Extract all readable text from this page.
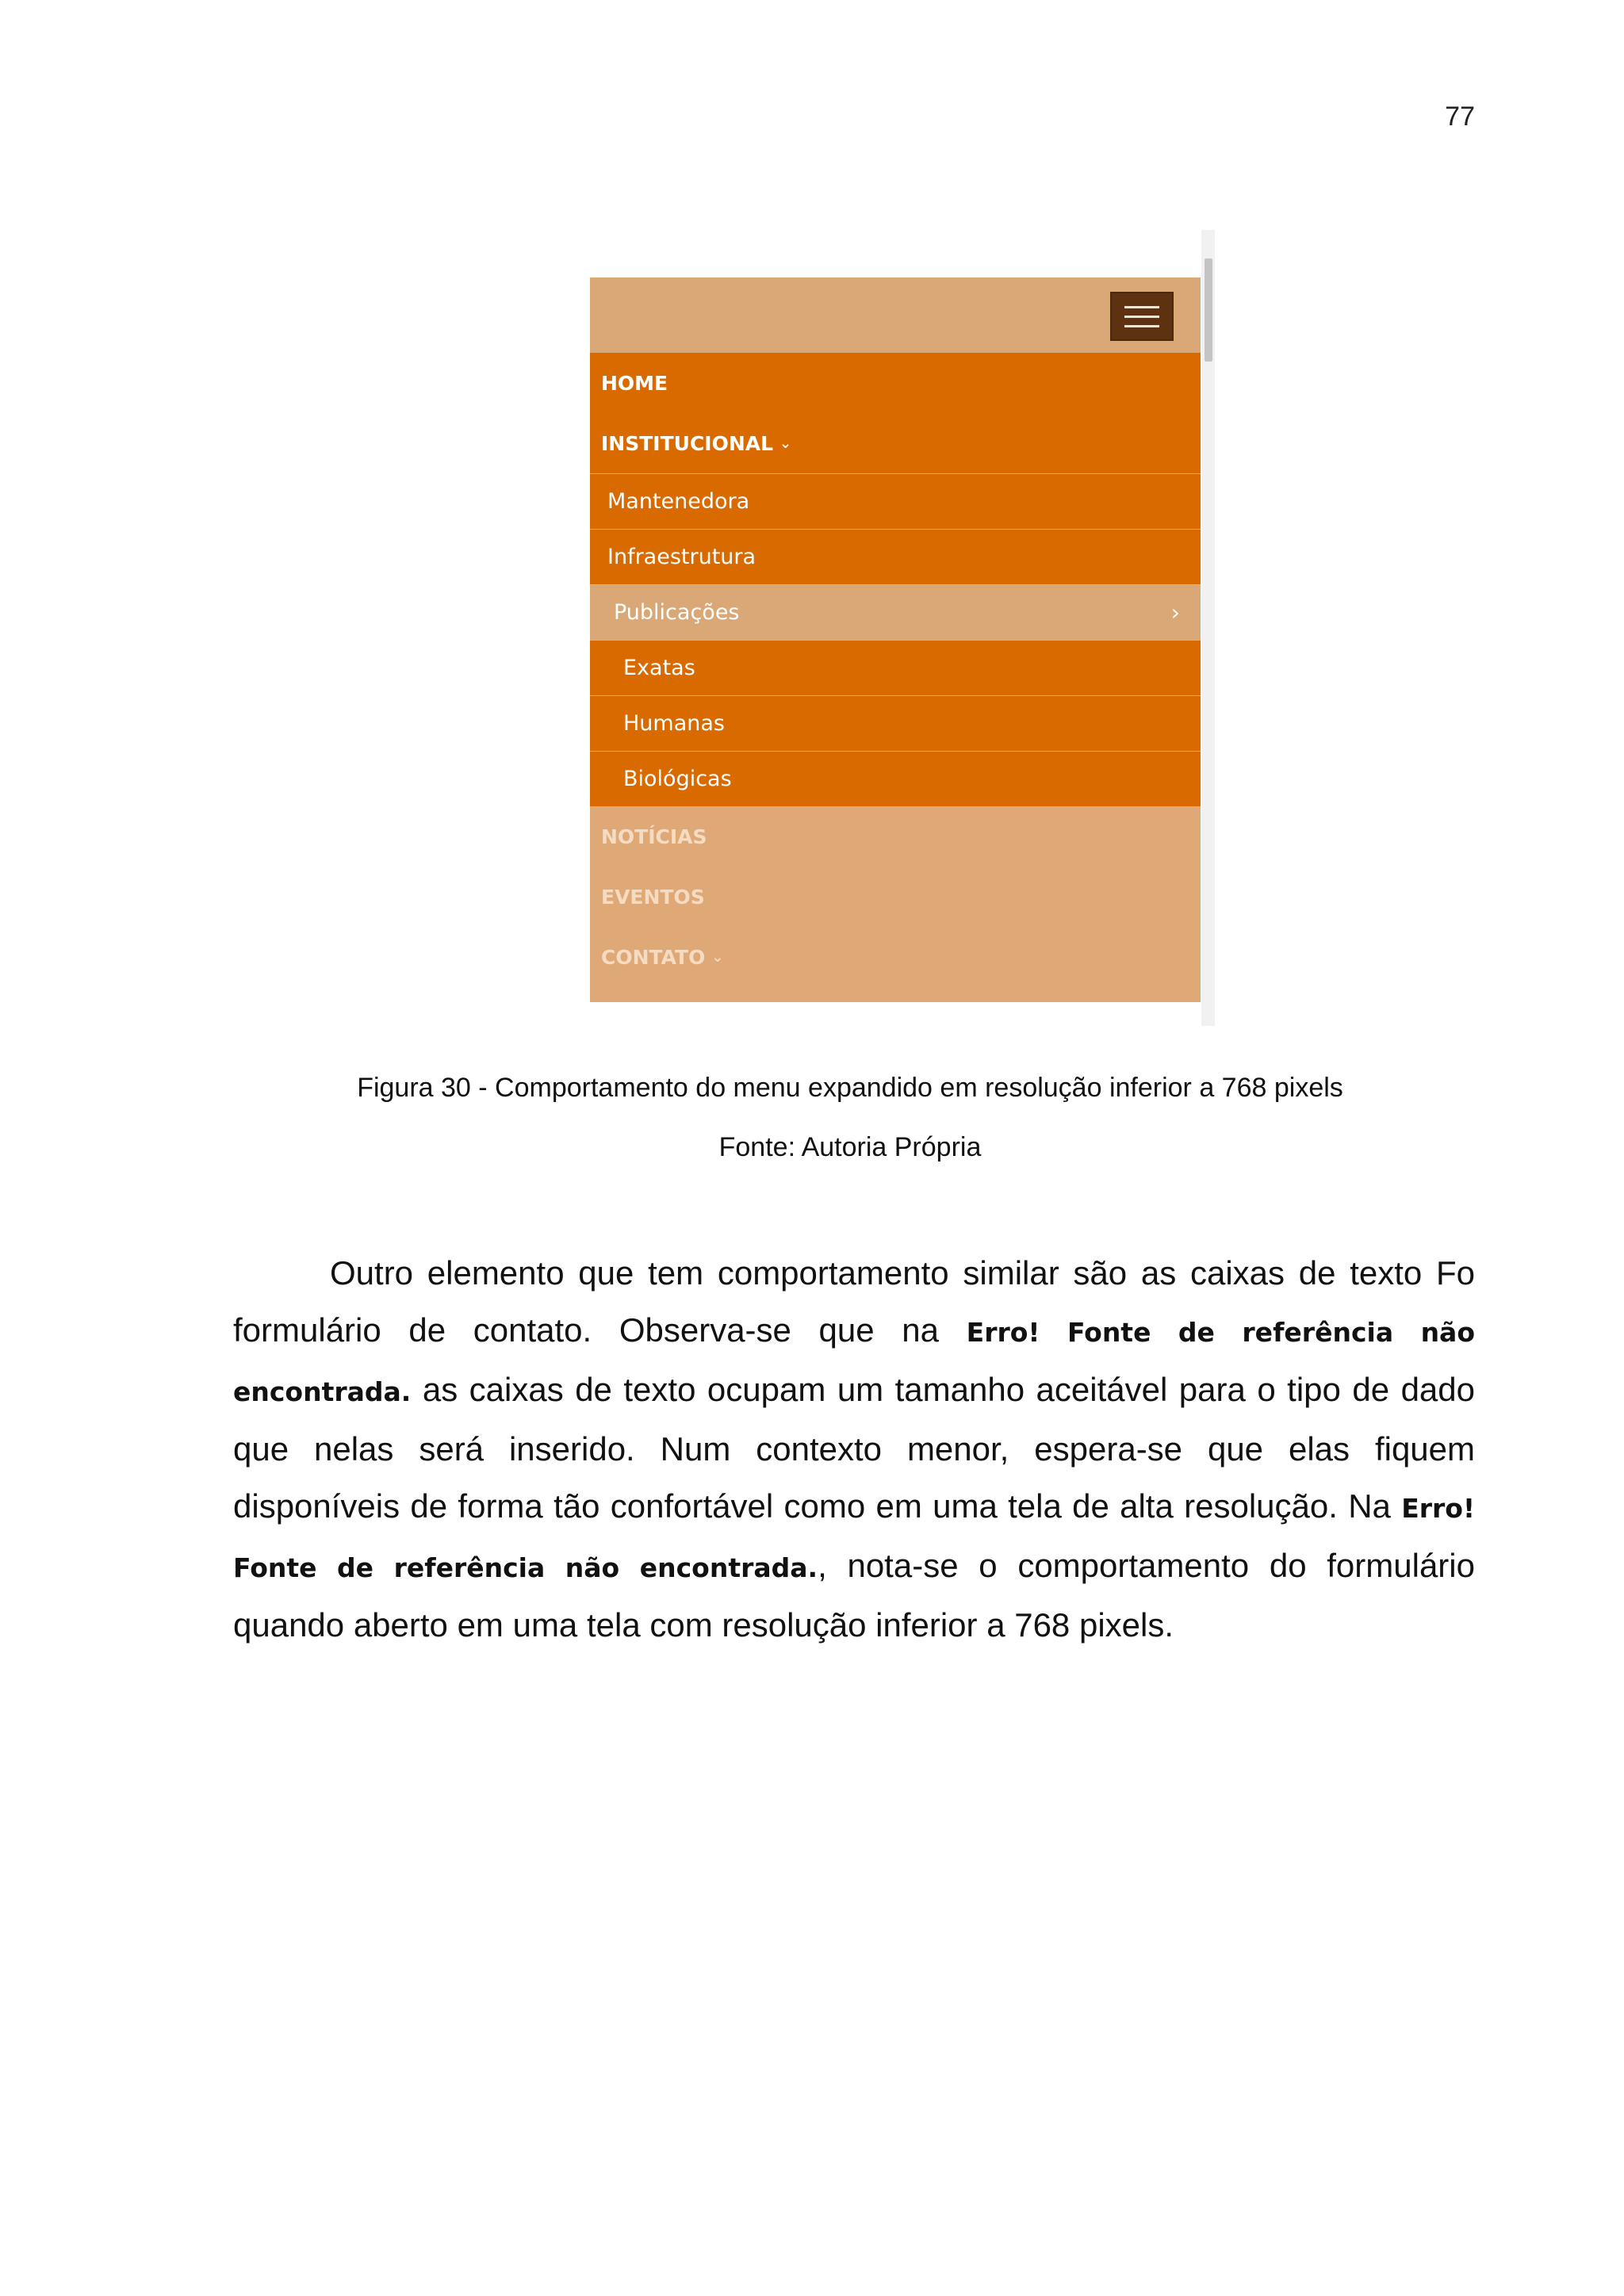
77
HOME
INSTITUCIONAL ⌄
Mantenedora
Infraestrutura
Publicações	›
Exatas
Humanas
Biológicas
NOTÍCIAS
EVENTOS
CONTATO ⌄
Figura 30 - Comportamento do menu expandido em resolução inferior a 768 pixels
Fonte: Autoria Própria

Outro elemento que tem comportamento similar são as caixas de texto Fo formulário de contato. Observa-se que na Erro! Fonte de referência não encontrada. as caixas de texto ocupam um tamanho aceitável para o tipo de dado que nelas será inserido. Num contexto menor, espera-se que elas fiquem disponíveis de forma tão confortável como em uma tela de alta resolução. Na Erro! Fonte de referência não encontrada., nota-se o comportamento do formulário quando aberto em uma tela com resolução inferior a 768 pixels.
